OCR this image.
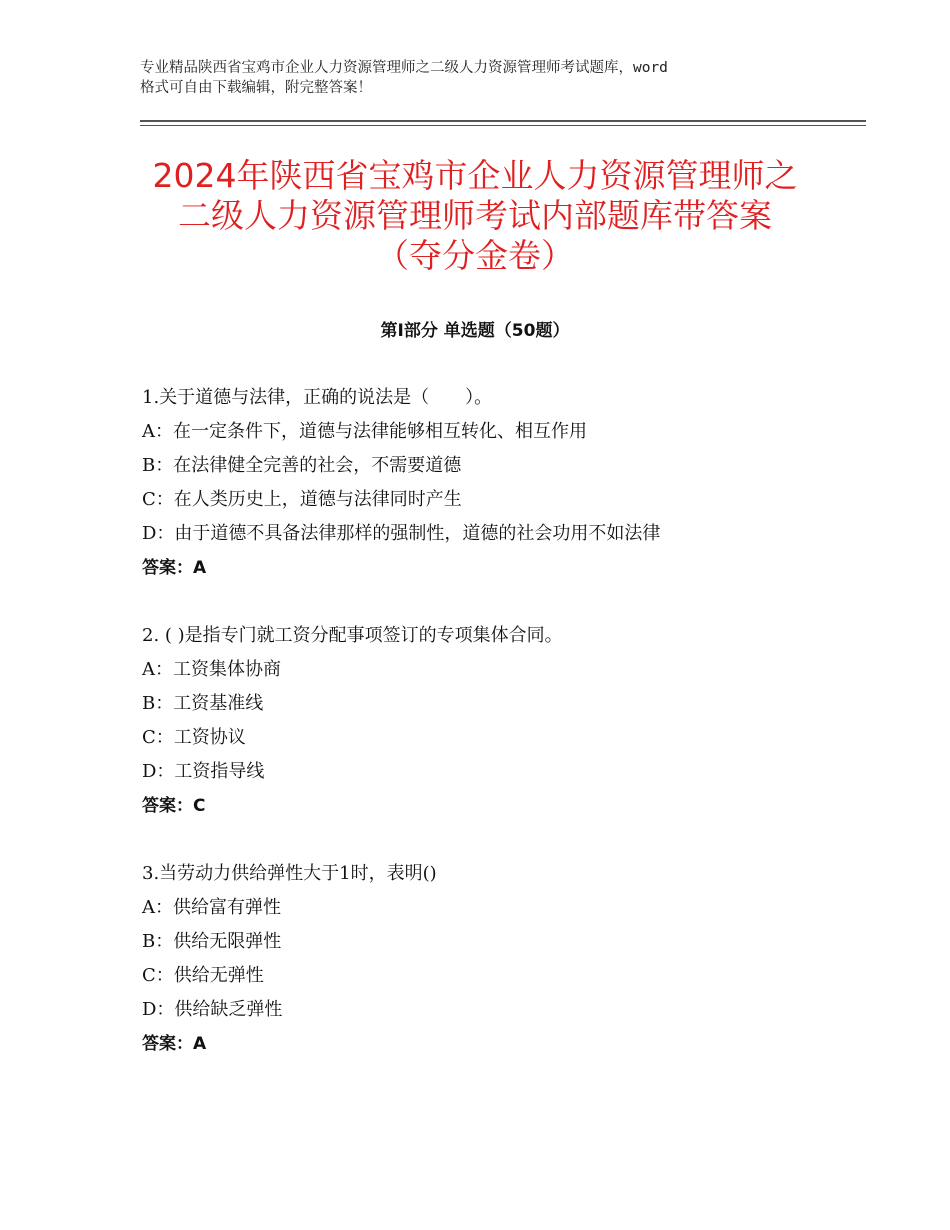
专业精品陕西省宝鸡市企业人力资源管理师之二级人力资源管理师考试题库，word
格式可自由下载编辑，附完整答案！
2024年陕西省宝鸡市企业人力资源管理师之
二级人力资源管理师考试内部题库带答案
（夺分金卷）
第Ⅰ部分 单选题（50题）
1.关于道德与法律，正确的说法是（　　）。
A：在一定条件下，道德与法律能够相互转化、相互作用
B：在法律健全完善的社会，不需要道德
C：在人类历史上，道德与法律同时产生
D：由于道德不具备法律那样的强制性，道德的社会功用不如法律
答案：A
2. ( )是指专门就工资分配事项签订的专项集体合同。
A：工资集体协商
B：工资基准线
C：工资协议
D：工资指导线
答案：C
3.当劳动力供给弹性大于1时，表明()
A：供给富有弹性
B：供给无限弹性
C：供给无弹性
D：供给缺乏弹性
答案：A
